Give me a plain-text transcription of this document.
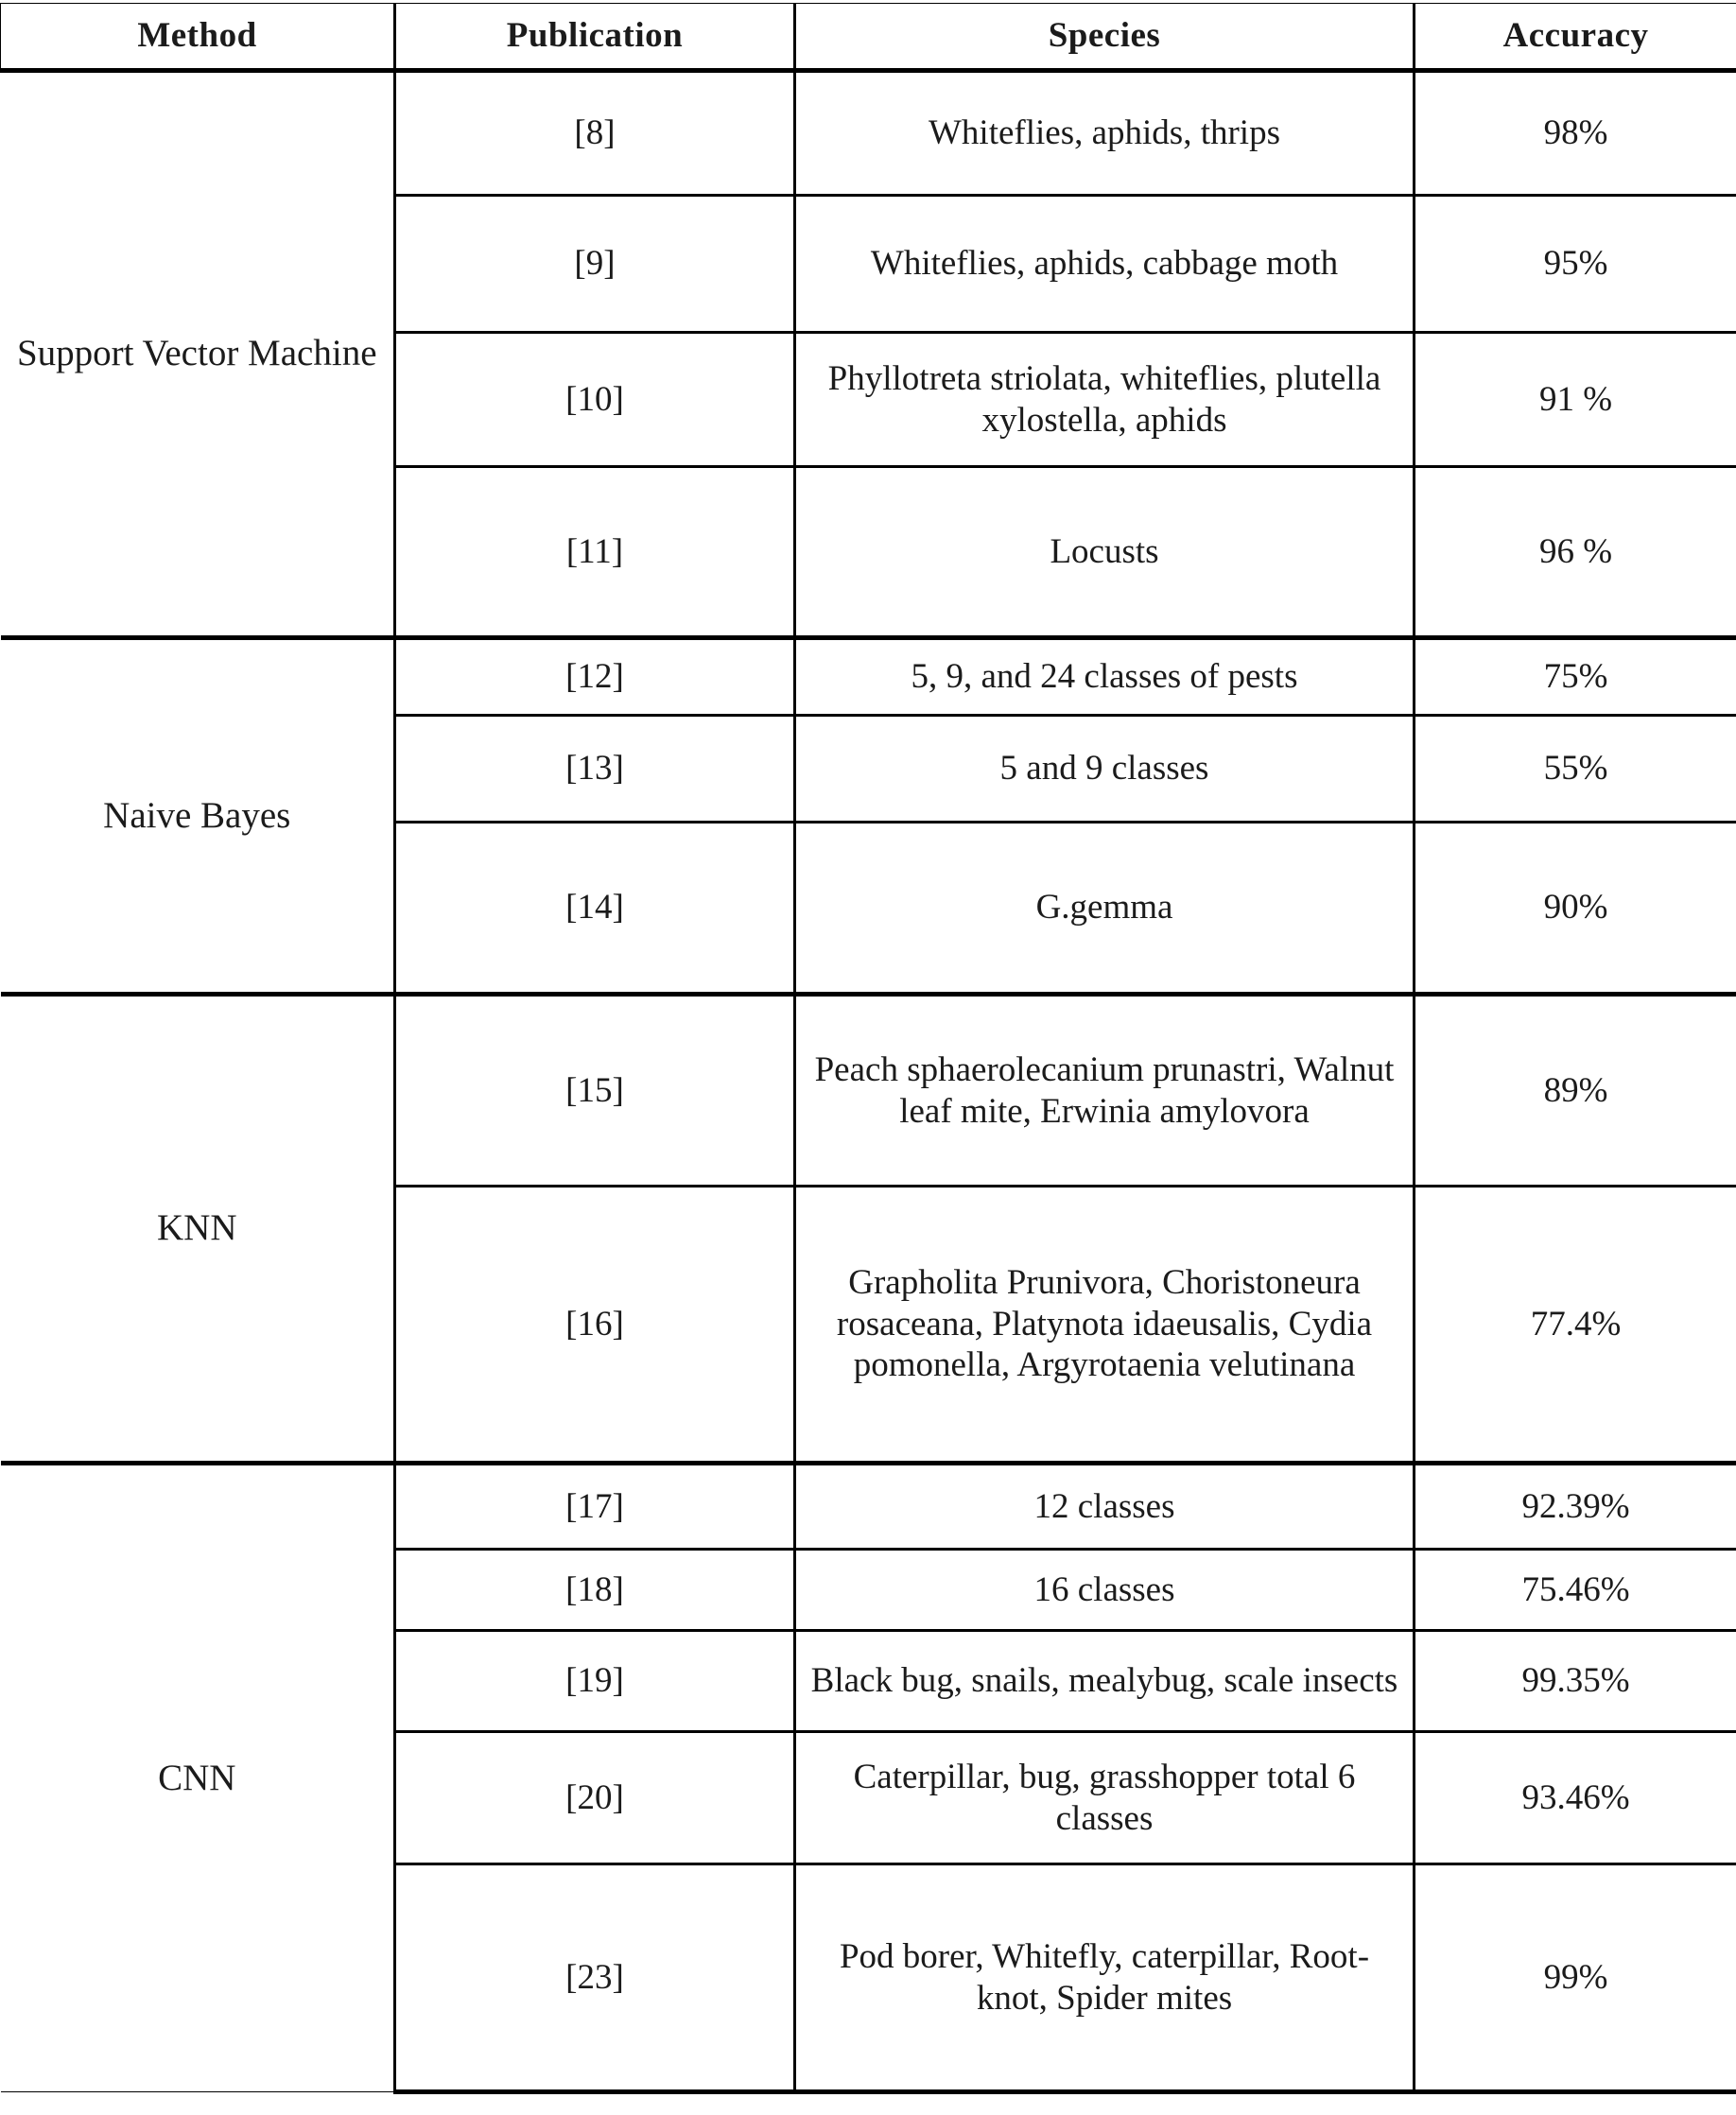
Method	Publication	Species	Accuracy
Support Vector Machine	[8]	Whiteflies, aphids, thrips	98%
	[9]	Whiteflies, aphids, cabbage moth	95%
	[10]	Phyllotreta striolata, whiteflies, plutella xylostella, aphids	91 %
	[11]	Locusts	96 %
Naive Bayes	[12]	5, 9, and 24 classes of pests	75%
	[13]	5 and 9 classes	55%
	[14]	G.gemma	90%
KNN	[15]	Peach sphaerolecanium prunastri, Walnut leaf mite, Erwinia amylovora	89%
	[16]	Grapholita Prunivora, Choristoneura rosaceana, Platynota idaeusalis, Cydia pomonella, Argyrotaenia velutinana	77.4%
CNN	[17]	12 classes	92.39%
	[18]	16 classes	75.46%
	[19]	Black bug, snails, mealybug, scale insects	99.35%
	[20]	Caterpillar, bug, grasshopper total 6 classes	93.46%
	[23]	Pod borer, Whitefly, caterpillar, Root-knot, Spider mites	99%
